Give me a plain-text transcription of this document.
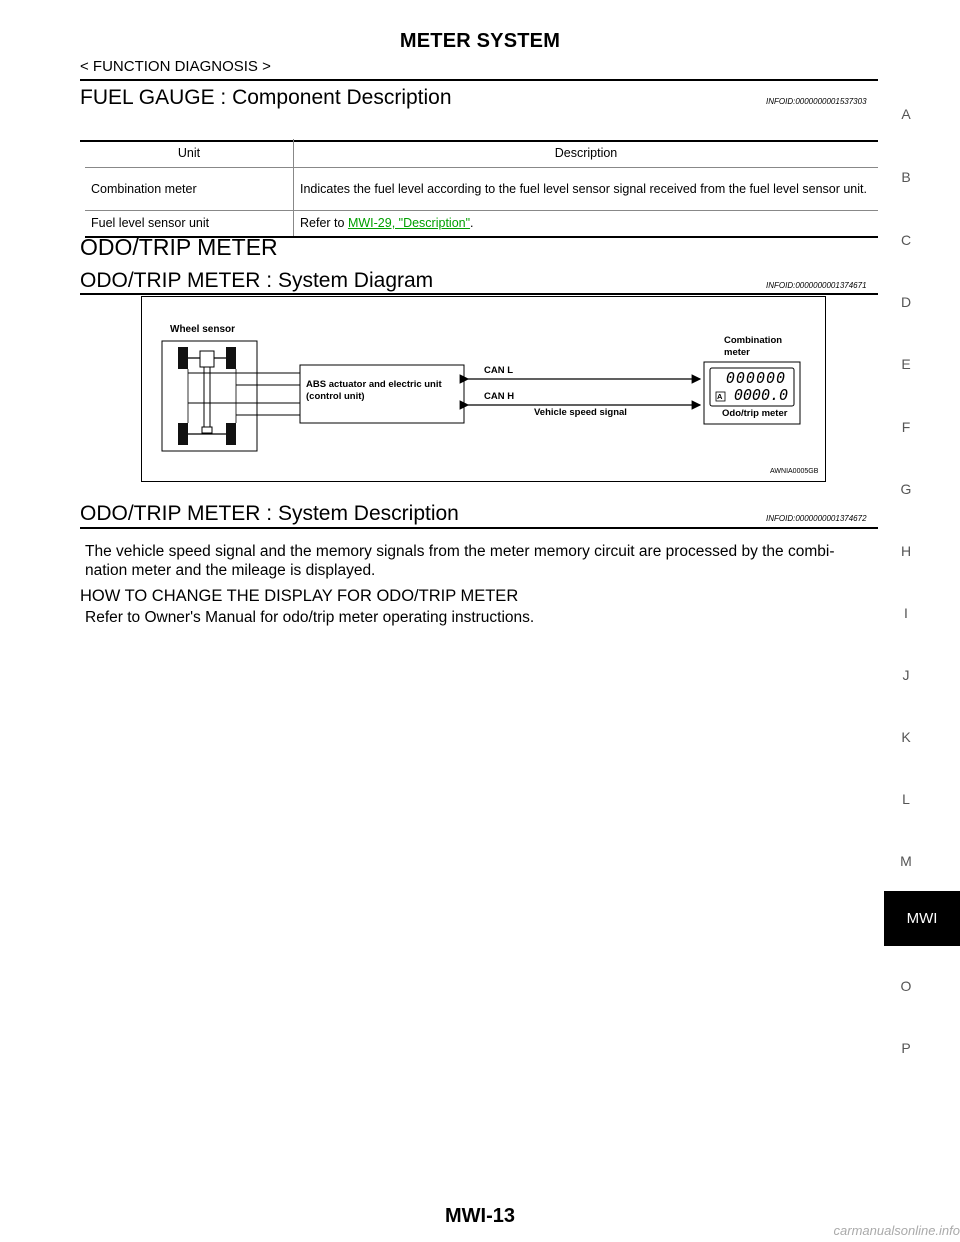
METER SYSTEM
< FUNCTION DIAGNOSIS >
FUEL GAUGE : Component Description	INFOID:0000000001537303
Unit	Description
Combination meter	Indicates the fuel level according to the fuel level sensor signal received from the fuel level sensor unit.
Fuel level sensor unit	Refer to MWI-29, "Description".
ODO/TRIP METER
ODO/TRIP METER : System Diagram	INFOID:0000000001374671
Wheel sensor
ABS actuator and electric unit
(control unit)
CAN L
CAN H
Vehicle speed signal
Combination
meter
000000
A 0000.0
Odo/trip meter
AWNIA0005GB
ODO/TRIP METER : System Description	INFOID:0000000001374672
The vehicle speed signal and the memory signals from the meter memory circuit are processed by the combi-
nation meter and the mileage is displayed.
HOW TO CHANGE THE DISPLAY FOR ODO/TRIP METER
Refer to Owner's Manual for odo/trip meter operating instructions.
A
B
C
D
E
F
G
H
I
J
K
L
M
MWI
O
P
MWI-13
carmanualsonline.info
